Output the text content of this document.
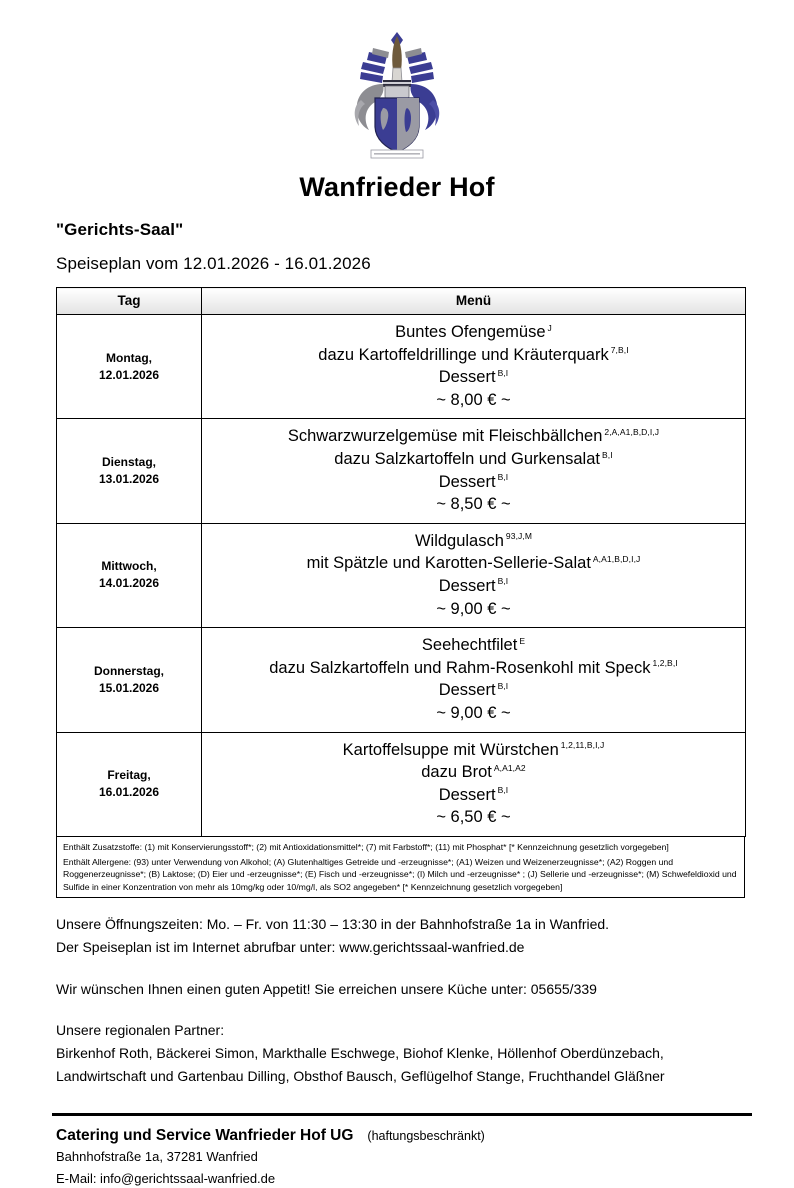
Wanfrieder Hof
"Gerichts-Saal"
Speiseplan vom 12.01.2026 - 16.01.2026
Tag	Menü

Montag,
12.01.2026

Buntes Ofengemüse $^J$
dazu Kartoffeldrillinge und Kräuterquark $^{7,B,I}$
Dessert $^{B,I}$
~ 8,00 € ~

Dienstag,
13.01.2026

Schwarzwurzelgemüse mit Fleischbällchen $^{2,A,A1,B,D,I,J}$
dazu Salzkartoffeln und Gurkensalat $^{B,I}$
Dessert $^{B,I}$
~ 8,50 € ~

Mittwoch,
14.01.2026

Wildgulasch $^{93,J,M}$
mit Spätzle und Karotten-Sellerie-Salat $^{A,A1,B,D,I,J}$
Dessert $^{B,I}$
~ 9,00 € ~

Donnerstag,
15.01.2026

Seehechtfilet $^E$
dazu Salzkartoffeln und Rahm-Rosenkohl mit Speck $^{1,2,B,I}$
Dessert $^{B,I}$
~ 9,00 € ~

Freitag,
16.01.2026

Kartoffelsuppe mit Würstchen $^{1,2,11,B,I,J}$
dazu Brot $^{A,A1,A2}$
Dessert $^{B,I}$
~ 6,50 € ~

Enthält Zusatzstoffe: (1) mit Konservierungsstoff*; (2) mit Antioxidationsmittel*; (7) mit Farbstoff*; (11) mit Phosphat* [* Kennzeichnung gesetzlich vorgegeben]

Enthält Allergene: (93) unter Verwendung von Alkohol; (A) Glutenhaltiges Getreide und -erzeugnisse*; (A1) Weizen und Weizenerzeugnisse*; (A2) Roggen und Roggenerzeugnisse*; (B) Laktose; (D) Eier und -erzeugnisse*; (E) Fisch und -erzeugnisse*; (I) Milch und -erzeugnisse* ; (J) Sellerie und -erzeugnisse*; (M) Schwefeldioxid und Sulfide in einer Konzentration von mehr als 10mg/kg oder 10/mg/l, als SO2 angegeben* [* Kennzeichnung gesetzlich vorgegeben]

Unsere Öffnungszeiten: Mo. – Fr. von 11:30 – 13:30 in der Bahnhofstraße 1a in Wanfried.
Der Speiseplan ist im Internet abrufbar unter: www.gerichtssaal-wanfried.de
Wir wünschen Ihnen einen guten Appetit! Sie erreichen unsere Küche unter: 05655/339
Unsere regionalen Partner:
Birkenhof Roth, Bäckerei Simon, Markthalle Eschwege, Biohof Klenke, Höllenhof Oberdünzebach,
Landwirtschaft und Gartenbau Dilling, Obsthof Bausch, Geflügelhof Stange, Fruchthandel Gläßner
Catering und Service Wanfrieder Hof UG (haftungsbeschränkt)
Bahnhofstraße 1a, 37281 Wanfried
E-Mail: info@gerichtssaal-wanfried.de
